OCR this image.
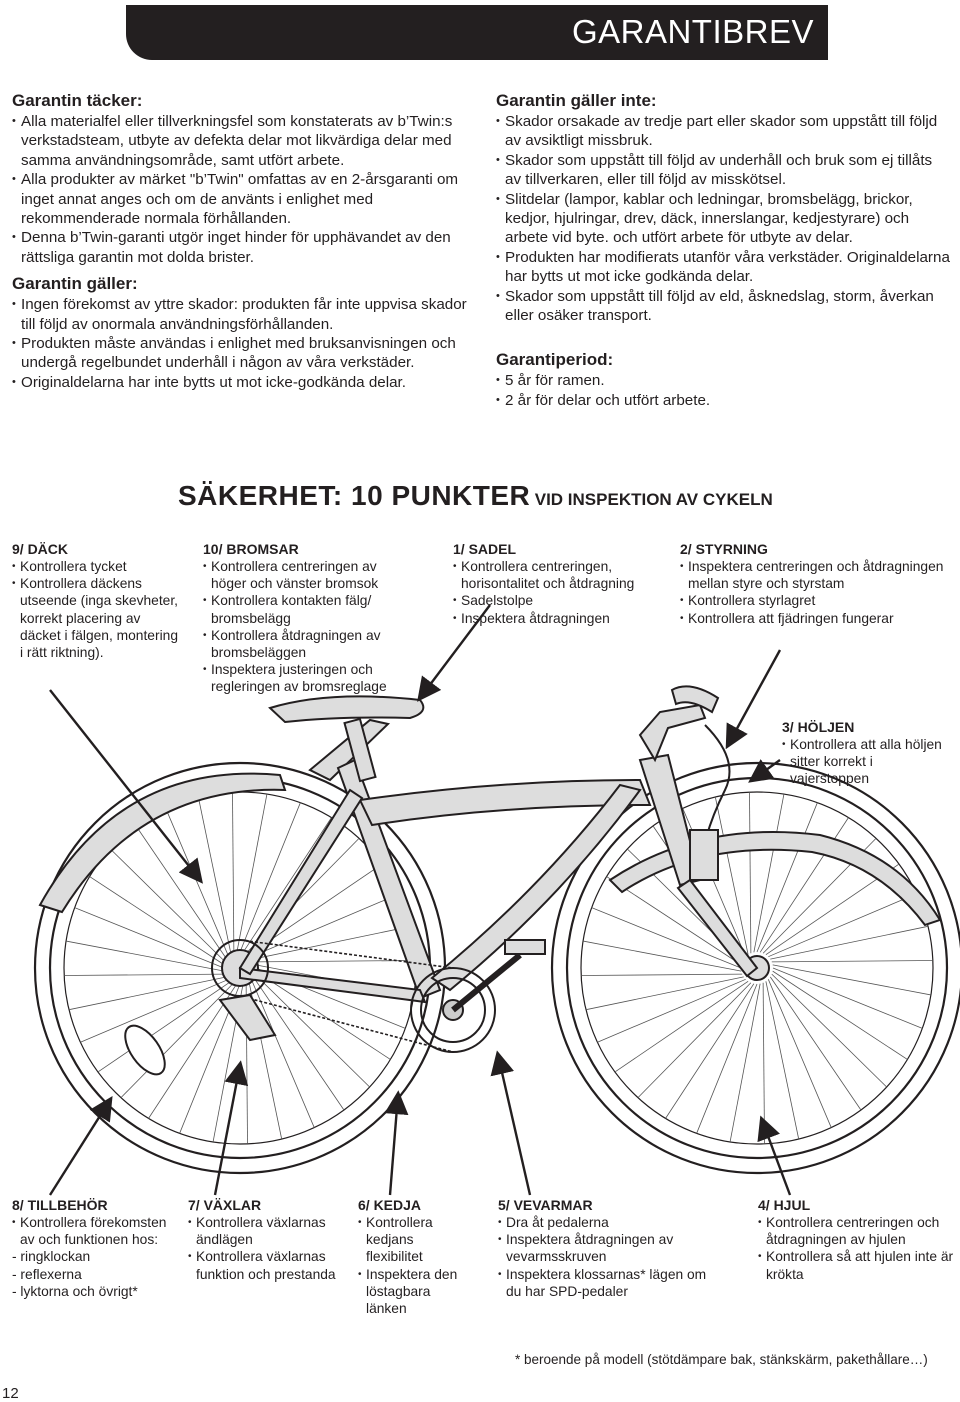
GARANTIBREV
Garantin täcker:
• Alla materialfel eller tillverkningsfel som konstaterats av b’Twin:s verkstadsteam, utbyte av defekta delar mot likvärdiga delar med samma användningsområde, samt utfört arbete.
• Alla produkter av märket "b’Twin" omfattas av en 2-årsgaranti om inget annat anges och om de använts i enlighet med rekommenderade normala förhållanden.
• Denna b’Twin-garanti utgör inget hinder för upphävandet av den rättsliga garantin mot dolda brister.
Garantin gäller:
• Ingen förekomst av yttre skador: produkten får inte uppvisa skador till följd av onormala användningsförhållanden.
• Produkten måste användas i enlighet med bruksanvisningen och undergå regelbundet underhåll i någon av våra verkstäder.
• Originaldelarna har inte bytts ut mot icke-godkända delar.
Garantin gäller inte:
• Skador orsakade av tredje part eller skador som uppstått till följd av avsiktligt missbruk.
• Skador som uppstått till följd av underhåll och bruk som ej tillåts av tillverkaren, eller till följd av misskötsel.
• Slitdelar (lampor, kablar och ledningar, bromsbelägg, brickor, kedjor, hjulringar, drev, däck, innerslangar, kedjestyrare) och arbete vid byte. och utfört arbete för utbyte av delar.
• Produkten har modifierats utanför våra verkstäder. Originaldelarna har bytts ut mot icke godkända delar.
• Skador som uppstått till följd av eld, åsknedslag, storm, åverkan eller osäker transport.
Garantiperiod:
• 5 år för ramen.
• 2 år för delar och utfört arbete.
SÄKERHET: 10 PUNKTER VID INSPEKTION AV CYKELN
9/ DÄCK
• Kontrollera tycket
• Kontrollera däckens utseende (inga skevheter, korrekt placering av däcket i fälgen, montering i rätt riktning).
10/ BROMSAR
• Kontrollera centreringen av höger och vänster bromsok
• Kontrollera kontakten fälg/ bromsbelägg
• Kontrollera åtdragningen av bromsbeläggen
• Inspektera justeringen och regleringen av bromsreglage
1/ SADEL
• Kontrollera centreringen, horisontalitet och åtdragning
• Sadelstolpe
• Inspektera åtdragningen
2/ STYRNING
• Inspektera centreringen och åtdragningen mellan styre och styrstam
• Kontrollera styrlagret
• Kontrollera att fjädringen fungerar
3/ HÖLJEN
• Kontrollera att alla höljen sitter korrekt i vajerstoppen
8/ TILLBEHÖR
• Kontrollera förekomsten av och funktionen hos:
- ringklockan
- reflexerna
- lyktorna och övrigt*
7/ VÄXLAR
• Kontrollera växlarnas ändlägen
• Kontrollera växlarnas funktion och prestanda
6/ KEDJA
• Kontrollera kedjans flexibilitet
• Inspektera den löstagbara länken
5/ VEVARMAR
• Dra åt pedalerna
• Inspektera åtdragningen av vevarmsskruven
• Inspektera klossarnas* lägen om du har SPD-pedaler
4/ HJUL
• Kontrollera centreringen och åtdragningen av hjulen
• Kontrollera så att hjulen inte är krökta
* beroende på modell (stötdämpare bak, stänkskärm, pakethållare…)
12
